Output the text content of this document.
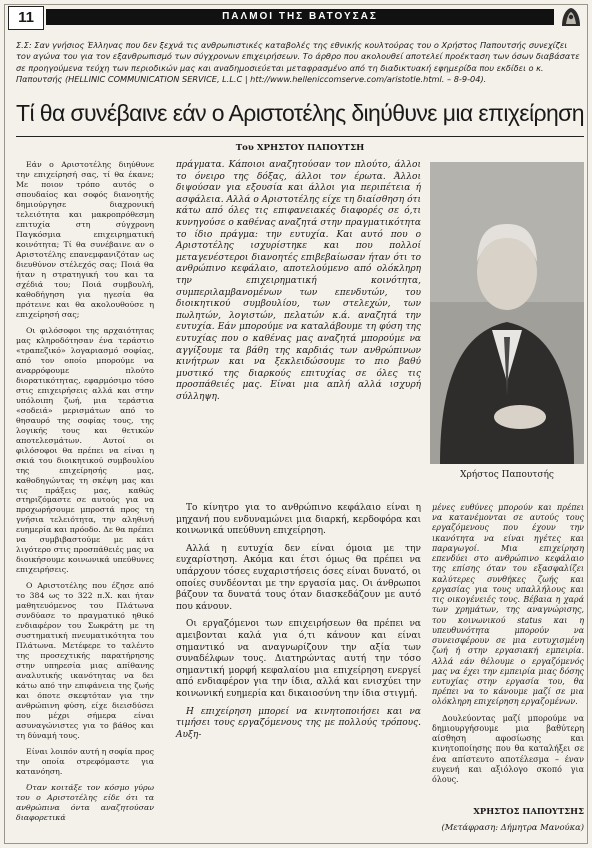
11	ΠΑΛΜΟΙ ΤΗΣ ΒΑΤΟΥΣΑΣ
Σ.Σ: Σαν γνήσιος Έλληνας που δεν ξεχνά τις ανθρωπιστικές καταβολές της εθνικής κουλτούρας του ο Χρήστος Παπουτσής συνεχίζει τον αγώνα του για τον εξανθρωπισμό των σύγχρονων επιχειρήσεων. Το άρθρο που ακολουθεί αποτελεί προέκταση των όσων διαβάσατε σε προηγούμενα τεύχη των περιοδικών μας και αναδημοσιεύεται μεταφρασμένο από τη διαδικτυακή εφημερίδα που εκδίδει ο κ. Παπουτσής (HELLINIC COMMUNICATION SERVICE, L.L.C | htt://www.helleniccomserve.com/aristotle.html. – 8-9-04).
Τί θα συνέβαινε εάν ο Αριστοτέλης διηύθυνε μια επιχείρηση
Του ΧΡΗΣΤΟΥ ΠΑΠΟΥΤΣΗ

Εάν ο Αριστοτέλης διηύθυνε την επιχείρησή σας, τί θα έκανε; Με ποιον τρόπο αυτός ο σπουδαίος και σοφός διανοητής δημιούργησε διαχρονική τελειότητα και μακροπρόθεσμη επιτυχία στη σύγχρονη Παγκόσμια επιχειρηματική κοινότητα; Τί θα συνέβαινε αν ο Αριστοτέλης επανεμφανιζόταν ως διευθύνον στέλεχός σας; Ποιά θα ήταν η στρατηγική του και τα σχέδιά του; Ποιά συμβουλή, καθοδήγηση για ηγεσία θα πρότεινε και θα ακολουθούσε η επιχείρησή σας;

Οι φιλόσοφοι της αρχαιότητας μας κληροδότησαν ένα τεράστιο «τραπεζικό» λογαριασμό σοφίας, από τον οποίο μπορούμε να αναρρόφουμε πλούτο διορατικότητας, εφαρμόσιμο τόσο στις επιχειρήσεις αλλά και στην υπόλοιπη ζωή, μια τεράστια «σοδειά» μερισμάτων από το θησαυρό της σοφίας τους, της λογικής τους και θετικών αποτελεσμάτων. Αυτοί οι φιλόσοφοι θα πρέπει να είναι η σκιά του διοικητικού συμβουλίου της επιχείρησής μας, καθοδηγώντας τη σκέψη μας και τις πράξεις μας, καθώς στηριζόμαστε σε αυτούς για να προχωρήσουμε μπροστά προς τη γνήσια τελειότητα, την αληθινή ευημερία και πρόοδο. Δε θα πρέπει να συμβιβαστούμε με κάτι λιγότερο στις προσπάθειές μας να διοικήσουμε κοινωνικά υπεύθυνες επιχειρήσεις.

Ο Αριστοτέλης που έζησε από το 384 ως το 322 π.Χ. και ήταν μαθητευόμενος του Πλάτωνα συνδύασε το πραγματικό ηθικό ενδιαφέρον του Σωκράτη με τη συστηματική πνευματικότητα του Πλάτωνα. Μετέφερε το ταλέντο της προσεχτικής παρατήρησης στην υπηρεσία μιας απίθανης αναλυτικής ικανότητας να δει κάτω από την επιφάνεια της ζωής και όποτε σκεφτόταν για την ανθρώπινη φύση, είχε διεισδύσει που μέχρι σήμερα είναι ασυναγώνιστες για το βάθος και τη δύναμή τους.

Είναι λοιπόν αυτή η σοφία προς την οποία στρεφόμαστε για κατανόηση.

Όταν κοιτάξε τον κόσμο γύρω του ο Αριστοτέλης είδε ότι τα ανθρώπινα όντα αναζητούσαν διαφορετικά

πράγματα. Κάποιοι αναζητούσαν τον πλούτο, άλλοι το όνειρο της δόξας, άλλοι τον έρωτα. Άλλοι διψούσαν για εξουσία και άλλοι για περιπέτεια ή ασφάλεια. Αλλά ο Αριστοτέλης είχε τη διαίσθηση ότι κάτω από όλες τις επιφανειακές διαφορές σε ό,τι κυνηγούσε ο καθένας αναζητά στην πραγματικότητα το ίδιο πράγμα: την ευτυχία. Και αυτό που ο Αριστοτέλης ισχυρίστηκε και που πολλοί μεταγενέστεροι διανοητές επιβεβαίωσαν ήταν ότι το ανθρώπινο κεφάλαιο, αποτελούμενο από ολόκληρη την επιχειρηματική κοινότητα, συμπεριλαμβανομένων των επενδυτών, του διοικητικού συμβουλίου, των στελεχών, των πωλητών, λογιστών, πελατών κ.ά. αναζητά την ευτυχία. Εάν μπορούμε να καταλάβουμε τη φύση της ευτυχίας που ο καθένας μας αναζητά μπορούμε να αγγίξουμε τα βάθη της καρδιάς των ανθρώπινων κινήτρων και να ξεκλειδώσουμε το πιο βαθύ μυστικό της διαρκούς επιτυχίας σε όλες τις προσπάθειές μας. Είναι μια απλή αλλά ισχυρή σύλληψη.

Χρήστος Παπουτσής

Το κίνητρο για το ανθρώπινο κεφάλαιο είναι η μηχανή που ενδυναμώνει μια διαρκή, κερδοφόρα και κοινωνικά υπεύθυνη επιχείρηση.

Αλλά η ευτυχία δεν είναι όμοια με την ευχαρίστηση. Ακόμα και έτσι όμως θα πρέπει να υπάρχουν τόσες ευχαριστήσεις όσες είναι δυνατό, οι οποίες συνδέονται με την εργασία μας. Οι άνθρωποι βάζουν τα δυνατά τους όταν διασκεδάζουν με αυτό που κάνουν.

Οι εργαζόμενοι των επιχειρήσεων θα πρέπει να αμειβονται καλά για ό,τι κάνουν και είναι σημαντικό να αναγνωρίζουν την αξία των συναδέλφων τους. Διατηρώντας αυτή την τόσο σημαντική μορφή κεφαλαίου μια επιχείρηση ενεργεί από ενδιαφέρον για την ίδια, αλλά και ενισχύει την κοινωνική ευημερία και δικαιοσύνη την ίδια στιγμή.

Η επιχείρηση μπορεί να κινητοποιήσει και να τιμήσει τους εργαζόμενους της με πολλούς τρόπους. Αυξη-

μένες ευθύνες μπορούν και πρέπει να κατανέμονται σε αυτούς τους εργαζόμενους που έχουν την ικανότητα να είναι ηγέτες και παραγωγοί. Μια επιχείρηση επενδύει στο ανθρώπινο κεφάλαιο της επίσης όταν του εξασφαλίζει καλύτερες συνθήκες ζωής και εργασίας για τους υπαλλήλους και τις οικογένειές τους. Βέβαια η χαρά των χρημάτων, της αναγνώρισης, του κοινωνικού status και η υπευθυνότητα μπορούν να συνεισφέρουν σε μια ευτυχισμένη ζωή ή στην εργασιακή εμπειρία. Αλλά εάν θέλουμε ο εργαζόμενός μας να έχει την εμπειρία μιας δόσης ευτυχίας στην εργασία του, θα πρέπει να το κάνουμε μαζί σε μια ολόκληρη επιχείρηση εργαζομένων.

Δουλεύοντας μαζί μπορούμε να δημιουργήσουμε μια βαθύτερη αίσθηση αφοσίωσης και κινητοποίησης που θα καταλήξει σε ένα απίστευτο αποτέλεσμα – έναν ευγενή και αξιόλογο σκοπό για όλους.

ΧΡΗΣΤΟΣ ΠΑΠΟΥΤΣΗΣ
(Μετάφραση: Δήμητρα Μανούκα)
